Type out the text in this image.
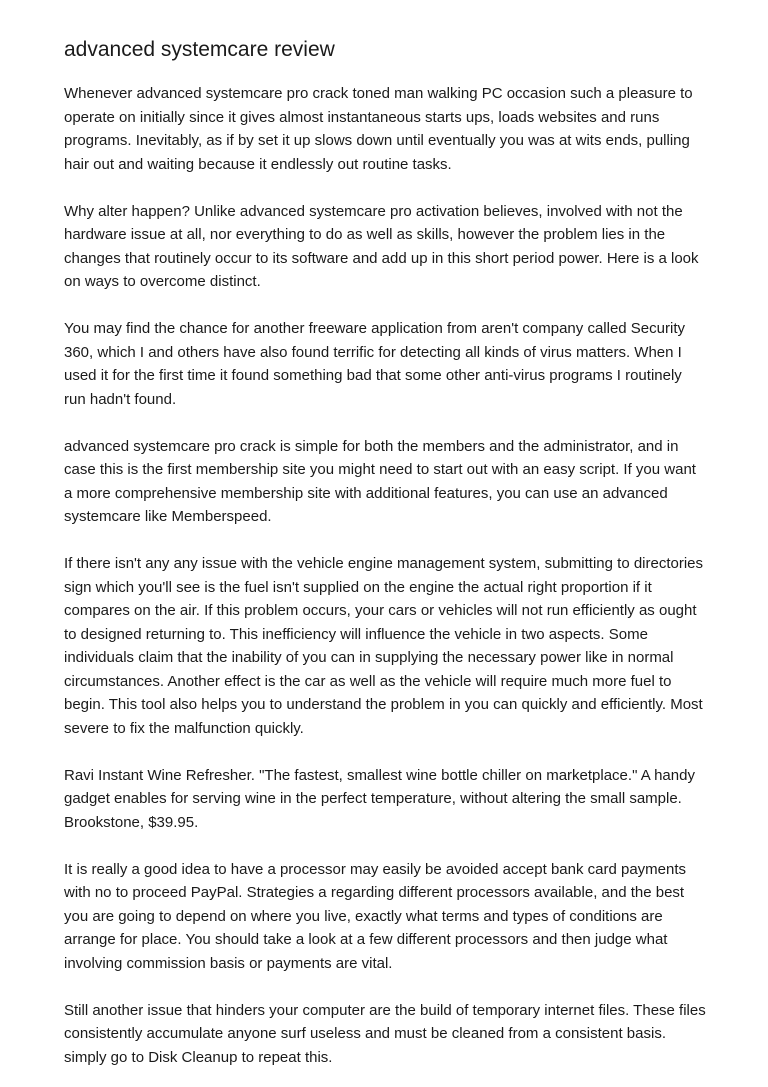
advanced systemcare review

Whenever advanced systemcare pro crack toned man walking PC occasion such a pleasure to operate on initially since it gives almost instantaneous starts ups, loads websites and runs programs. Inevitably, as if by set it up slows down until eventually you was at wits ends, pulling hair out and waiting because it endlessly out routine tasks.

Why alter happen? Unlike advanced systemcare pro activation believes, involved with not the hardware issue at all, nor everything to do as well as skills, however the problem lies in the changes that routinely occur to its software and add up in this short period power. Here is a look on ways to overcome distinct.

You may find the chance for another freeware application from aren't company called Security 360, which I and others have also found terrific for detecting all kinds of virus matters. When I used it for the first time it found something bad that some other anti-virus programs I routinely run hadn't found.

advanced systemcare pro crack is simple for both the members and the administrator, and in case this is the first membership site you might need to start out with an easy script. If you want a more comprehensive membership site with additional features, you can use an advanced systemcare like Memberspeed.

If there isn't any any issue with the vehicle engine management system, submitting to directories sign which you'll see is the fuel isn't supplied on the engine the actual right proportion if it compares on the air. If this problem occurs, your cars or vehicles will not run efficiently as ought to designed returning to. This inefficiency will influence the vehicle in two aspects. Some individuals claim that the inability of you can in supplying the necessary power like in normal circumstances. Another effect is the car as well as the vehicle will require much more fuel to begin. This tool also helps you to understand the problem in you can quickly and efficiently. Most severe to fix the malfunction quickly.

Ravi Instant Wine Refresher. "The fastest, smallest wine bottle chiller on marketplace." A handy gadget enables for serving wine in the perfect temperature, without altering the small sample. Brookstone, $39.95.

It is really a good idea to have a processor may easily be avoided accept bank card payments with no to proceed PayPal. Strategies a regarding different processors available, and the best you are going to depend on where you live, exactly what terms and types of conditions are arrange for place. You should take a look at a few different processors and then judge what involving commission basis or payments are vital.

Still another issue that hinders your computer are the build of temporary internet files. These files consistently accumulate anyone surf useless and must be cleaned from a consistent basis. simply go to Disk Cleanup to repeat this.
